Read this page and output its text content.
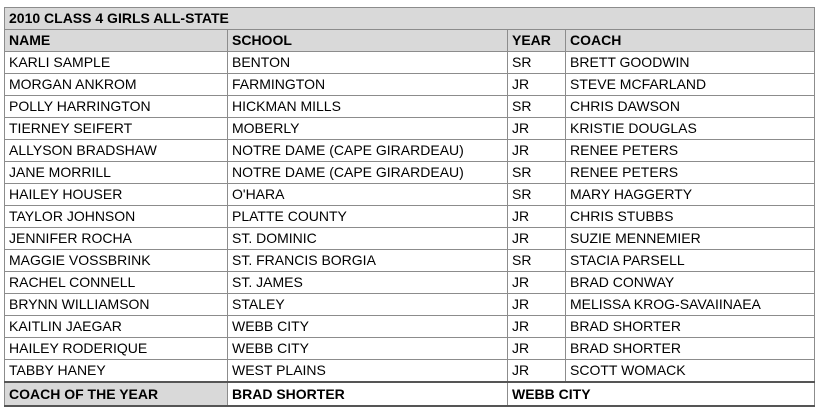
2010 CLASS 4 GIRLS ALL-STATE			
NAME	SCHOOL	YEAR	COACH
KARLI SAMPLE	BENTON	SR	BRETT GOODWIN
MORGAN ANKROM	FARMINGTON	JR	STEVE MCFARLAND
POLLY HARRINGTON	HICKMAN MILLS	SR	CHRIS DAWSON
TIERNEY SEIFERT	MOBERLY	JR	KRISTIE DOUGLAS
ALLYSON BRADSHAW	NOTRE DAME (CAPE GIRARDEAU)	JR	RENEE PETERS
JANE MORRILL	NOTRE DAME (CAPE GIRARDEAU)	SR	RENEE PETERS
HAILEY HOUSER	O'HARA	SR	MARY HAGGERTY
TAYLOR JOHNSON	PLATTE COUNTY	JR	CHRIS STUBBS
JENNIFER ROCHA	ST. DOMINIC	JR	SUZIE MENNEMIER
MAGGIE VOSSBRINK	ST. FRANCIS BORGIA	SR	STACIA PARSELL
RACHEL CONNELL	ST. JAMES	JR	BRAD CONWAY
BRYNN WILLIAMSON	STALEY	JR	MELISSA KROG-SAVAIINAEA
KAITLIN JAEGAR	WEBB CITY	JR	BRAD SHORTER
HAILEY RODERIQUE	WEBB CITY	JR	BRAD SHORTER
TABBY HANEY	WEST PLAINS	JR	SCOTT WOMACK
COACH OF THE YEAR	BRAD SHORTER	WEBB CITY	
